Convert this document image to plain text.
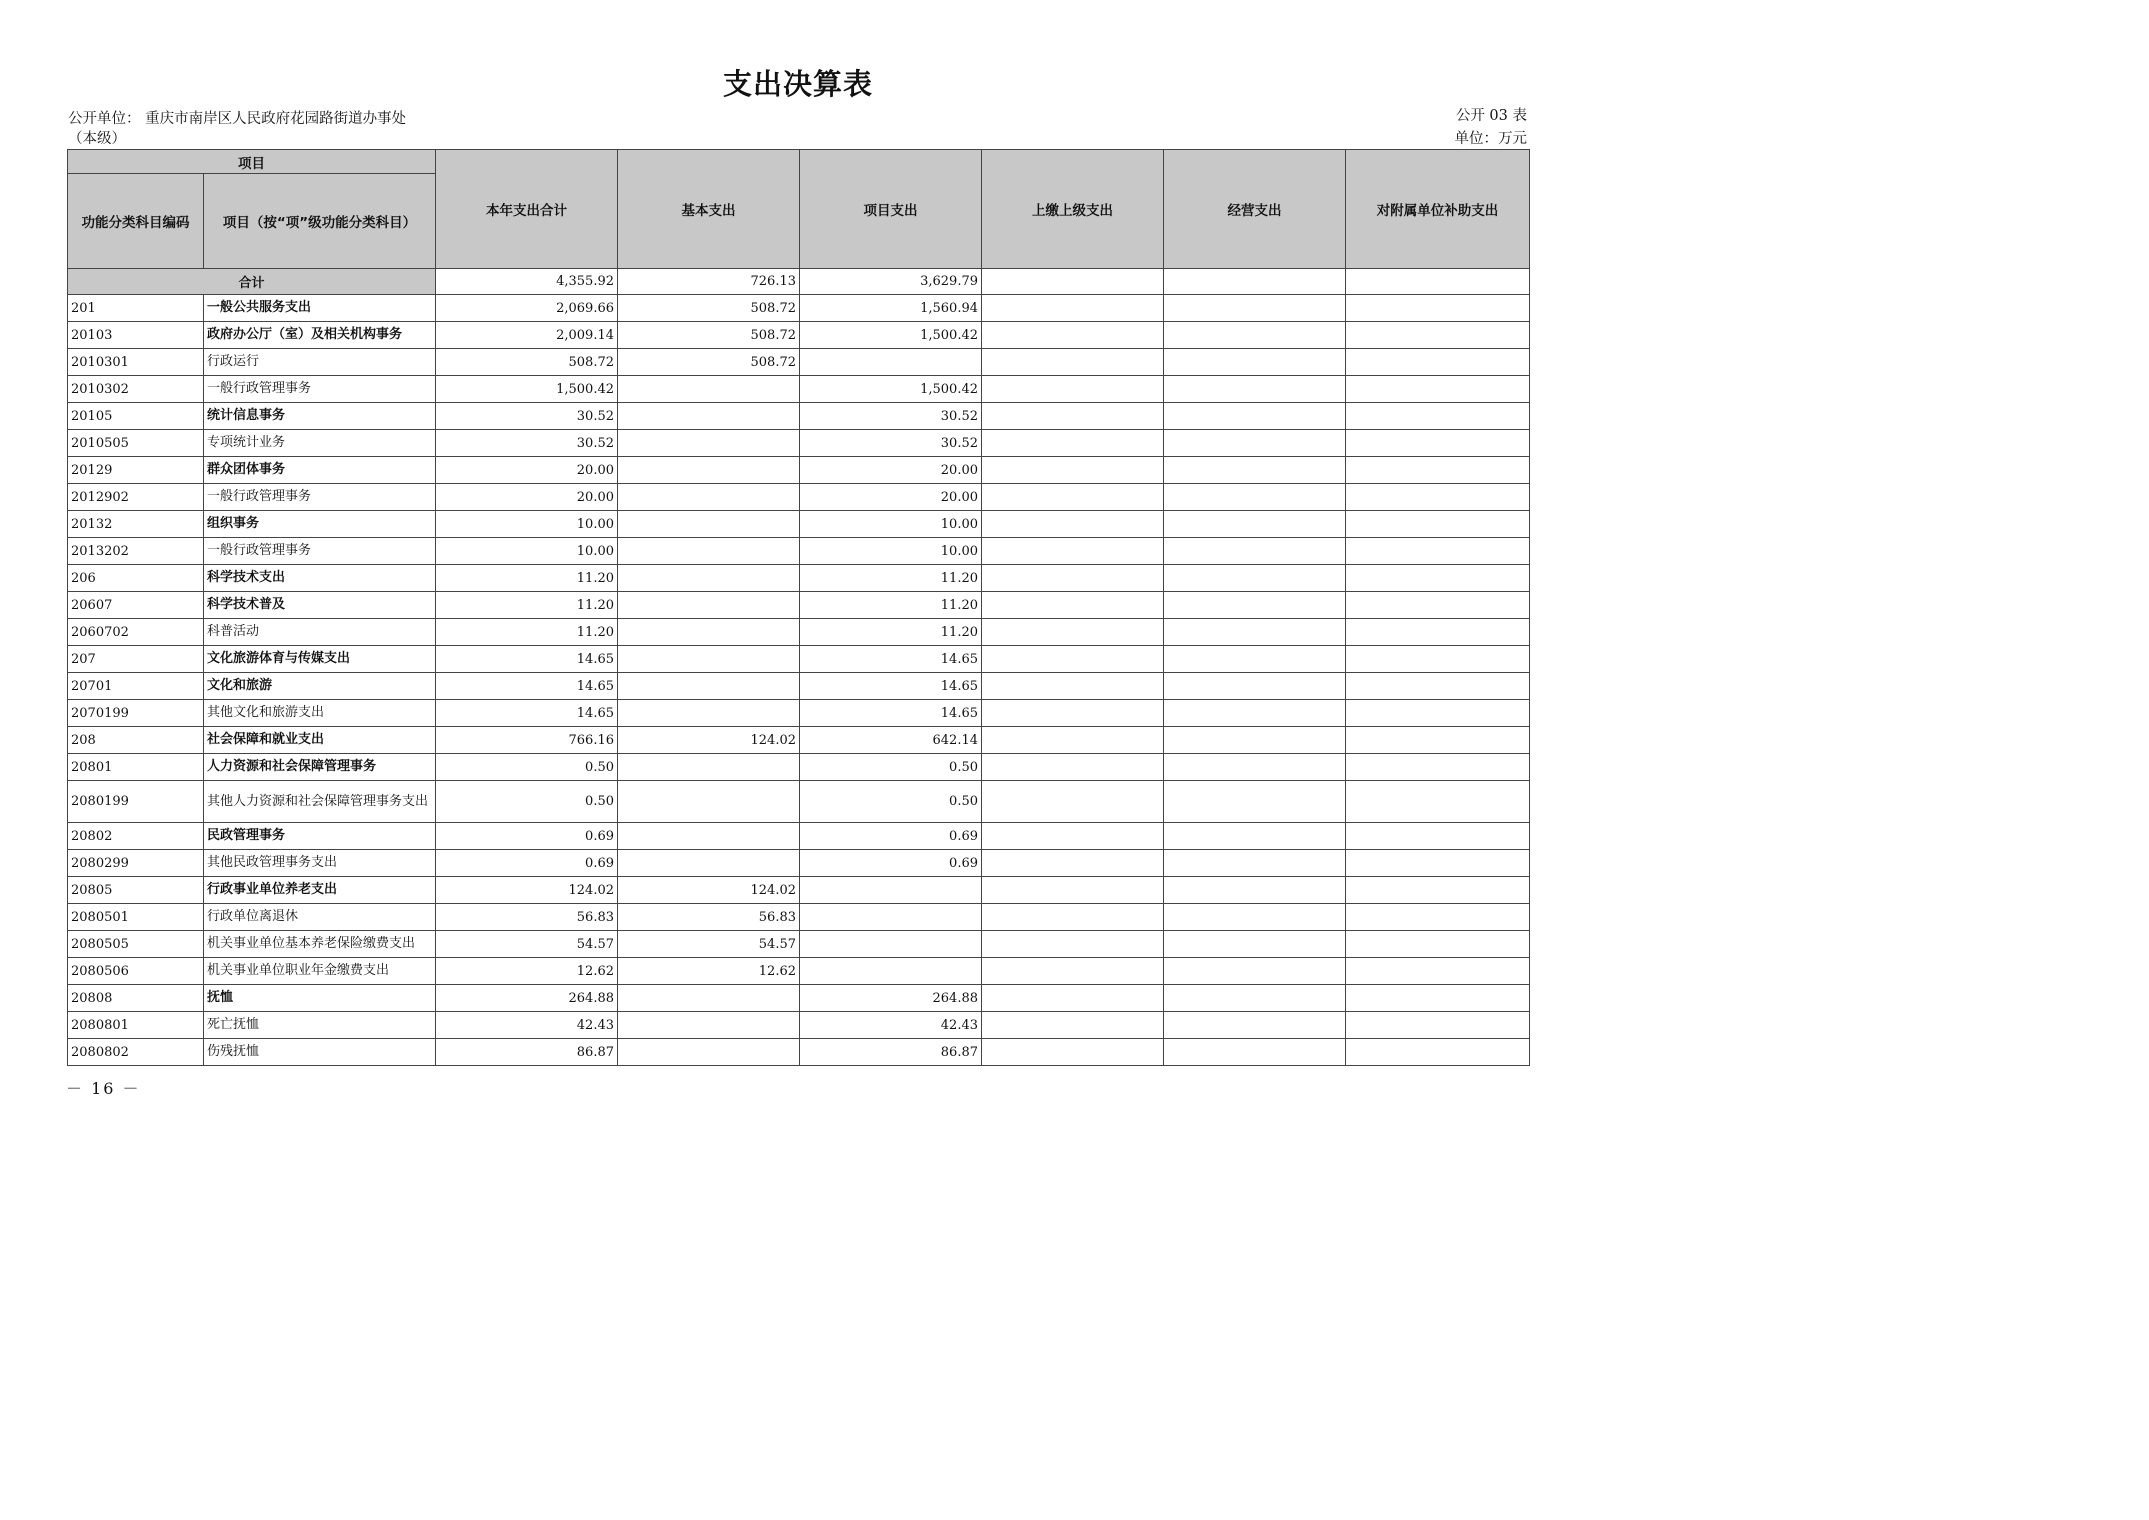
支出决算表
公开单位： 重庆市南岸区人民政府花园路街道办事处
（本级）
公开 03 表
单位：万元
项目		本年支出合计	基本支出	项目支出	上缴上级支出	经营支出	对附属单位补助支出
功能分类科目编码	项目（按“项”级功能分类科目）						
合计		4,355.92	726.13	3,629.79			
201	一般公共服务支出	2,069.66	508.72	1,560.94			
20103	政府办公厅（室）及相关机构事务	2,009.14	508.72	1,500.42			
2010301	行政运行	508.72	508.72				
2010302	一般行政管理事务	1,500.42		1,500.42			
20105	统计信息事务	30.52		30.52			
2010505	专项统计业务	30.52		30.52			
20129	群众团体事务	20.00		20.00			
2012902	一般行政管理事务	20.00		20.00			
20132	组织事务	10.00		10.00			
2013202	一般行政管理事务	10.00		10.00			
206	科学技术支出	11.20		11.20			
20607	科学技术普及	11.20		11.20			
2060702	科普活动	11.20		11.20			
207	文化旅游体育与传媒支出	14.65		14.65			
20701	文化和旅游	14.65		14.65			
2070199	其他文化和旅游支出	14.65		14.65			
208	社会保障和就业支出	766.16	124.02	642.14			
20801	人力资源和社会保障管理事务	0.50		0.50			
2080199	其他人力资源和社会保障管理事务支出	0.50		0.50			
20802	民政管理事务	0.69		0.69			
2080299	其他民政管理事务支出	0.69		0.69			
20805	行政事业单位养老支出	124.02	124.02				
2080501	行政单位离退休	56.83	56.83				
2080505	机关事业单位基本养老保险缴费支出	54.57	54.57				
2080506	机关事业单位职业年金缴费支出	12.62	12.62				
20808	抚恤	264.88		264.88			
2080801	死亡抚恤	42.43		42.43			
2080802	伤残抚恤	86.87		86.87			
－ 16 －
